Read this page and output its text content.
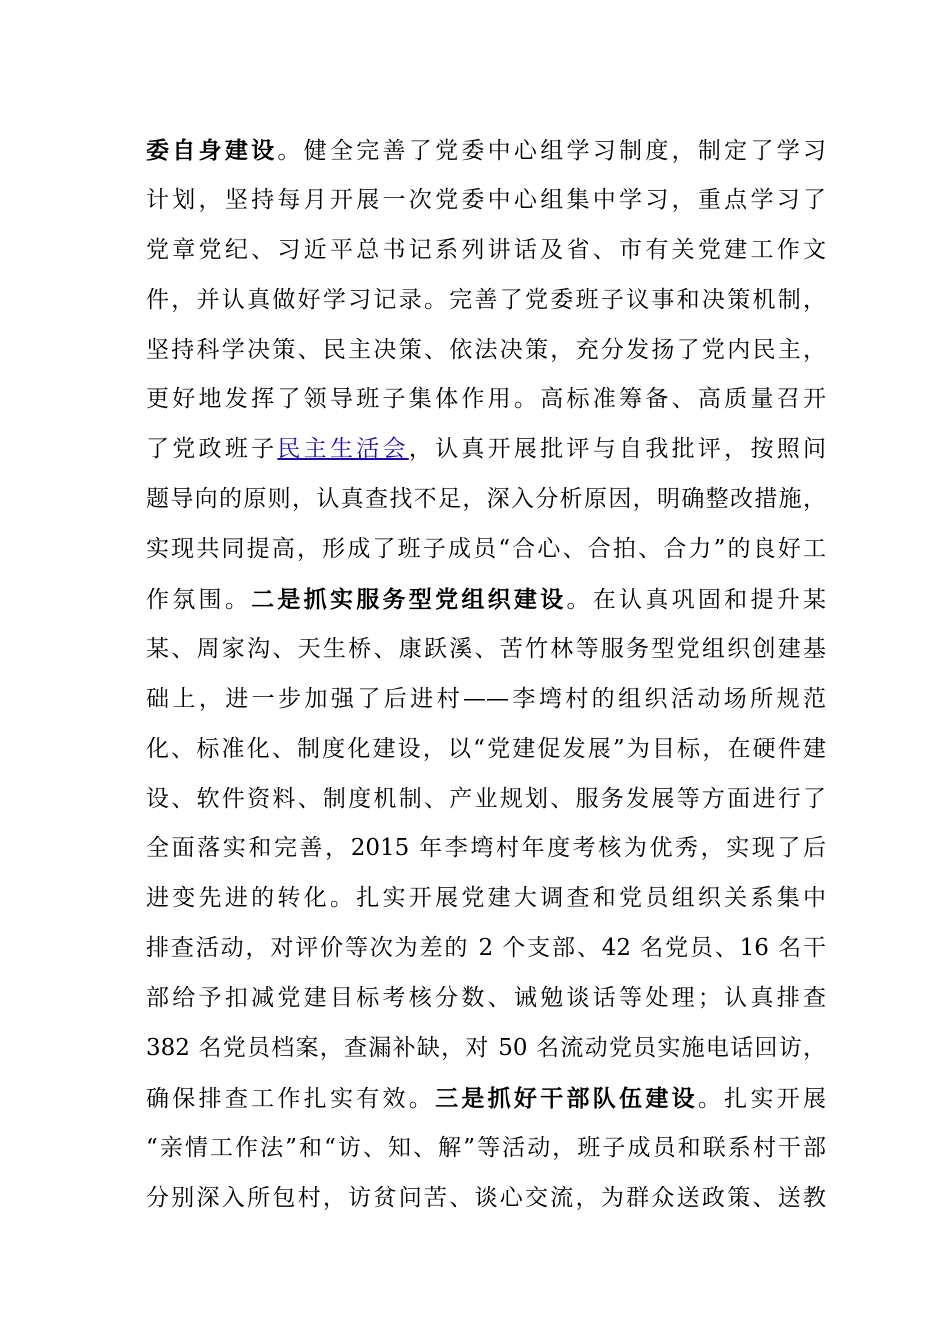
委自身建设。健全完善了党委中心组学习制度，制定了学习
计划，坚持每月开展一次党委中心组集中学习，重点学习了
党章党纪、习近平总书记系列讲话及省、市有关党建工作文
件，并认真做好学习记录。完善了党委班子议事和决策机制，
坚持科学决策、民主决策、依法决策，充分发扬了党内民主，
更好地发挥了领导班子集体作用。高标准筹备、高质量召开
了党政班子民主生活会，认真开展批评与自我批评，按照问
题导向的原则，认真查找不足，深入分析原因，明确整改措施，
实现共同提高，形成了班子成员“合心、合拍、合力”的良好工
作氛围。二是抓实服务型党组织建设。在认真巩固和提升某
某、周家沟、天生桥、康跃溪、苦竹林等服务型党组织创建基
础上，进一步加强了后进村——李塆村的组织活动场所规范
化、标准化、制度化建设，以“党建促发展”为目标，在硬件建
设、软件资料、制度机制、产业规划、服务发展等方面进行了
全面落实和完善，2015 年李塆村年度考核为优秀，实现了后
进变先进的转化。扎实开展党建大调查和党员组织关系集中
排查活动，对评价等次为差的 2 个支部、42 名党员、16 名干
部给予扣减党建目标考核分数、诫勉谈话等处理；认真排查
382 名党员档案，查漏补缺，对 50 名流动党员实施电话回访，
确保排查工作扎实有效。三是抓好干部队伍建设。扎实开展
“亲情工作法”和“访、知、解”等活动，班子成员和联系村干部
分别深入所包村，访贫问苦、谈心交流，为群众送政策、送教
